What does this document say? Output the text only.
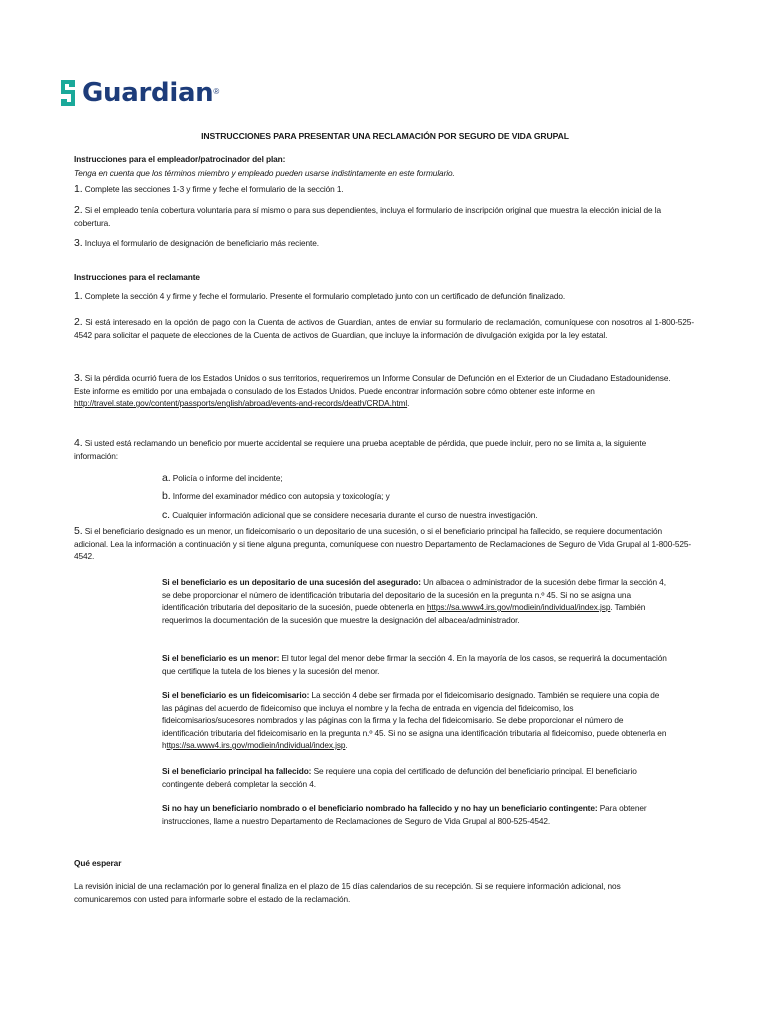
Guardian ®
INSTRUCCIONES PARA PRESENTAR UNA RECLAMACIÓN POR SEGURO DE VIDA GRUPAL
Instrucciones para el empleador/patrocinador del plan:
Tenga en cuenta que los términos miembro y empleado pueden usarse indistintamente en este formulario.
1. Complete las secciones 1-3 y firme y feche el formulario de la sección 1.
2. Si el empleado tenía cobertura voluntaria para sí mismo o para sus dependientes, incluya el formulario de inscripción original que muestra la elección inicial de la cobertura.
3. Incluya el formulario de designación de beneficiario más reciente.
Instrucciones para el reclamante
1. Complete la sección 4 y firme y feche el formulario. Presente el formulario completado junto con un certificado de defunción finalizado.
2. Si está interesado en la opción de pago con la Cuenta de activos de Guardian, antes de enviar su formulario de reclamación, comuníquese con nosotros al 1-800-525-4542 para solicitar el paquete de elecciones de la Cuenta de activos de Guardian, que incluye la información de divulgación exigida por la ley estatal.
3. Si la pérdida ocurrió fuera de los Estados Unidos o sus territorios, requeriremos un Informe Consular de Defunción en el Exterior de un Ciudadano Estadounidense. Este informe es emitido por una embajada o consulado de los Estados Unidos. Puede encontrar información sobre cómo obtener este informe en
http://travel.state.gov/content/passports/english/abroad/events-and-records/death/CRDA.html.
4. Si usted está reclamando un beneficio por muerte accidental se requiere una prueba aceptable de pérdida, que puede incluir, pero no se limita a, la siguiente información:
a. Policía o informe del incidente;
b. Informe del examinador médico con autopsia y toxicología; y
c. Cualquier información adicional que se considere necesaria durante el curso de nuestra investigación.
5. Si el beneficiario designado es un menor, un fideicomisario o un depositario de una sucesión, o si el beneficiario principal ha fallecido, se requiere documentación adicional. Lea la información a continuación y si tiene alguna pregunta, comuníquese con nuestro Departamento de Reclamaciones de Seguro de Vida Grupal al 1-800-525-4542.
Si el beneficiario es un depositario de una sucesión del asegurado: Un albacea o administrador de la sucesión debe firmar la sección 4, se debe proporcionar el número de identificación tributaria del depositario de la sucesión en la pregunta n.º 45. Si no se asigna una identificación tributaria del depositario de la sucesión, puede obtenerla en https://sa.www4.irs.gov/modiein/individual/index.jsp. También requerimos la documentación de la sucesión que muestre la designación del albacea/administrador.
Si el beneficiario es un menor: El tutor legal del menor debe firmar la sección 4. En la mayoría de los casos, se requerirá la documentación que certifique la tutela de los bienes y la sucesión del menor.
Si el beneficiario es un fideicomisario: La sección 4 debe ser firmada por el fideicomisario designado. También se requiere una copia de las páginas del acuerdo de fideicomiso que incluya el nombre y la fecha de entrada en vigencia del fideicomiso, los fideicomisarios/sucesores nombrados y las páginas con la firma y la fecha del fideicomisario. Se debe proporcionar el número de identificación tributaria del fideicomisario en la pregunta n.º 45. Si no se asigna una identificación tributaria al fideicomiso, puede obtenerla en https://sa.www4.irs.gov/modiein/individual/index.jsp.
Si el beneficiario principal ha fallecido: Se requiere una copia del certificado de defunción del beneficiario principal. El beneficiario contingente deberá completar la sección 4.
Si no hay un beneficiario nombrado o el beneficiario nombrado ha fallecido y no hay un beneficiario contingente: Para obtener instrucciones, llame a nuestro Departamento de Reclamaciones de Seguro de Vida Grupal al 800-525-4542.
Qué esperar
La revisión inicial de una reclamación por lo general finaliza en el plazo de 15 días calendarios de su recepción. Si se requiere información adicional, nos comunicaremos con usted para informarle sobre el estado de la reclamación.
